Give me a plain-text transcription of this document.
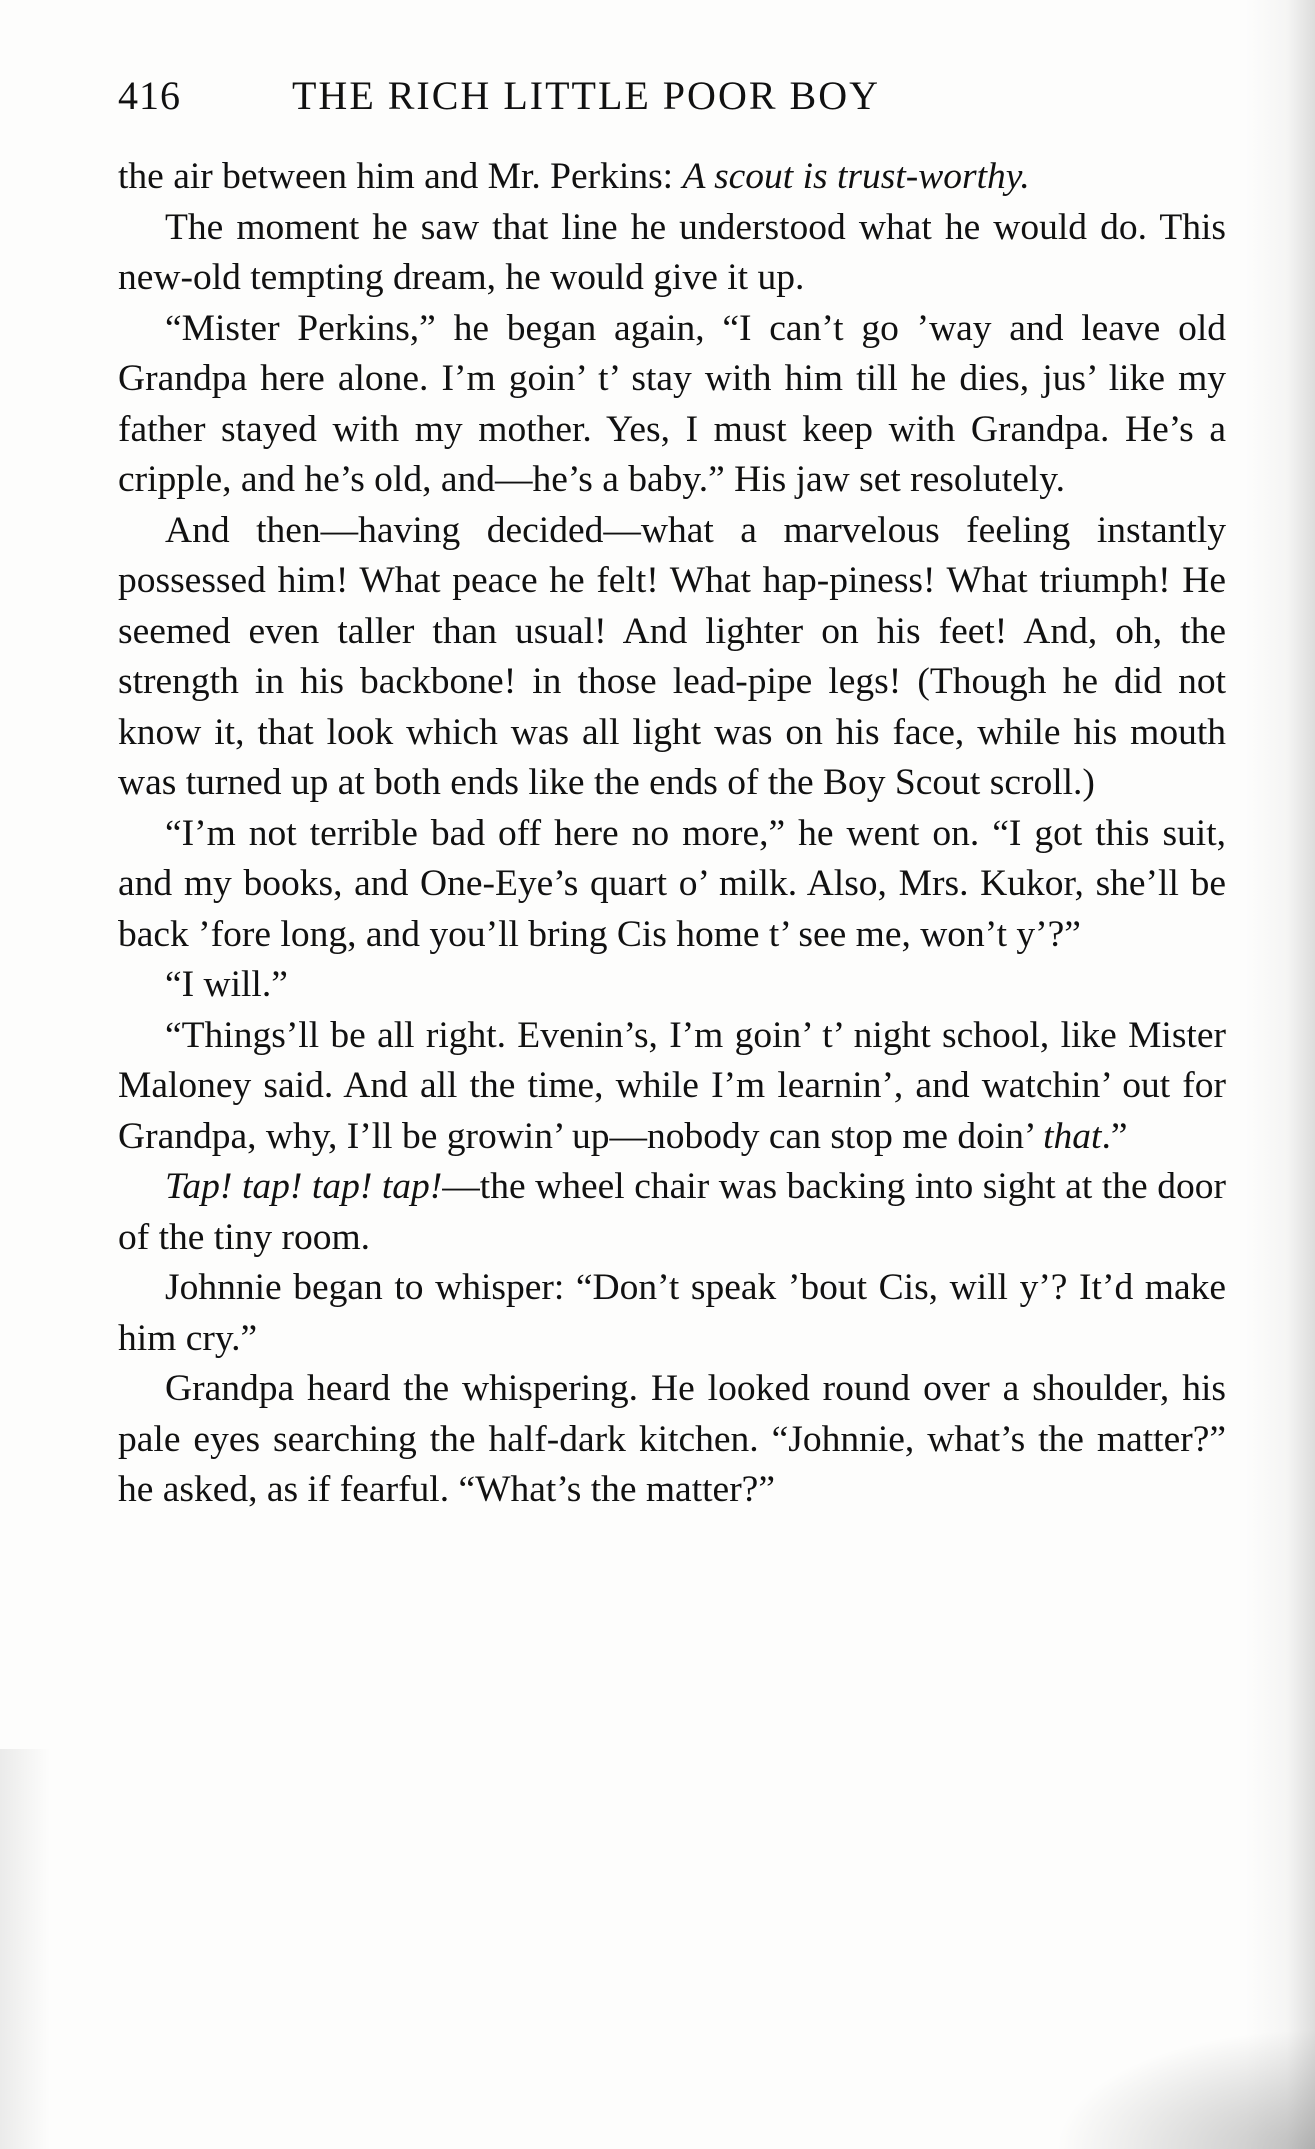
416	THE RICH LITTLE POOR BOY

the air between him and Mr. Perkins: A scout is trust-worthy.

The moment he saw that line he understood what he would do. This new-old tempting dream, he would give it up.

“Mister Perkins,” he began again, “I can’t go ’way and leave old Grandpa here alone. I’m goin’ t’ stay with him till he dies, jus’ like my father stayed with my mother. Yes, I must keep with Grandpa. He’s a cripple, and he’s old, and—he’s a baby.” His jaw set resolutely.

And then—having decided—what a marvelous feeling instantly possessed him! What peace he felt! What hap-piness! What triumph! He seemed even taller than usual! And lighter on his feet! And, oh, the strength in his backbone! in those lead-pipe legs! (Though he did not know it, that look which was all light was on his face, while his mouth was turned up at both ends like the ends of the Boy Scout scroll.)

“I’m not terrible bad off here no more,” he went on. “I got this suit, and my books, and One-Eye’s quart o’ milk. Also, Mrs. Kukor, she’ll be back ’fore long, and you’ll bring Cis home t’ see me, won’t y’?”

“I will.”

“Things’ll be all right. Evenin’s, I’m goin’ t’ night school, like Mister Maloney said. And all the time, while I’m learnin’, and watchin’ out for Grandpa, why, I’ll be growin’ up—nobody can stop me doin’ that.”

Tap! tap! tap! tap!—the wheel chair was backing into sight at the door of the tiny room.

Johnnie began to whisper: “Don’t speak ’bout Cis, will y’? It’d make him cry.”

Grandpa heard the whispering. He looked round over a shoulder, his pale eyes searching the half-dark kitchen. “Johnnie, what’s the matter?” he asked, as if fearful. “What’s the matter?”
